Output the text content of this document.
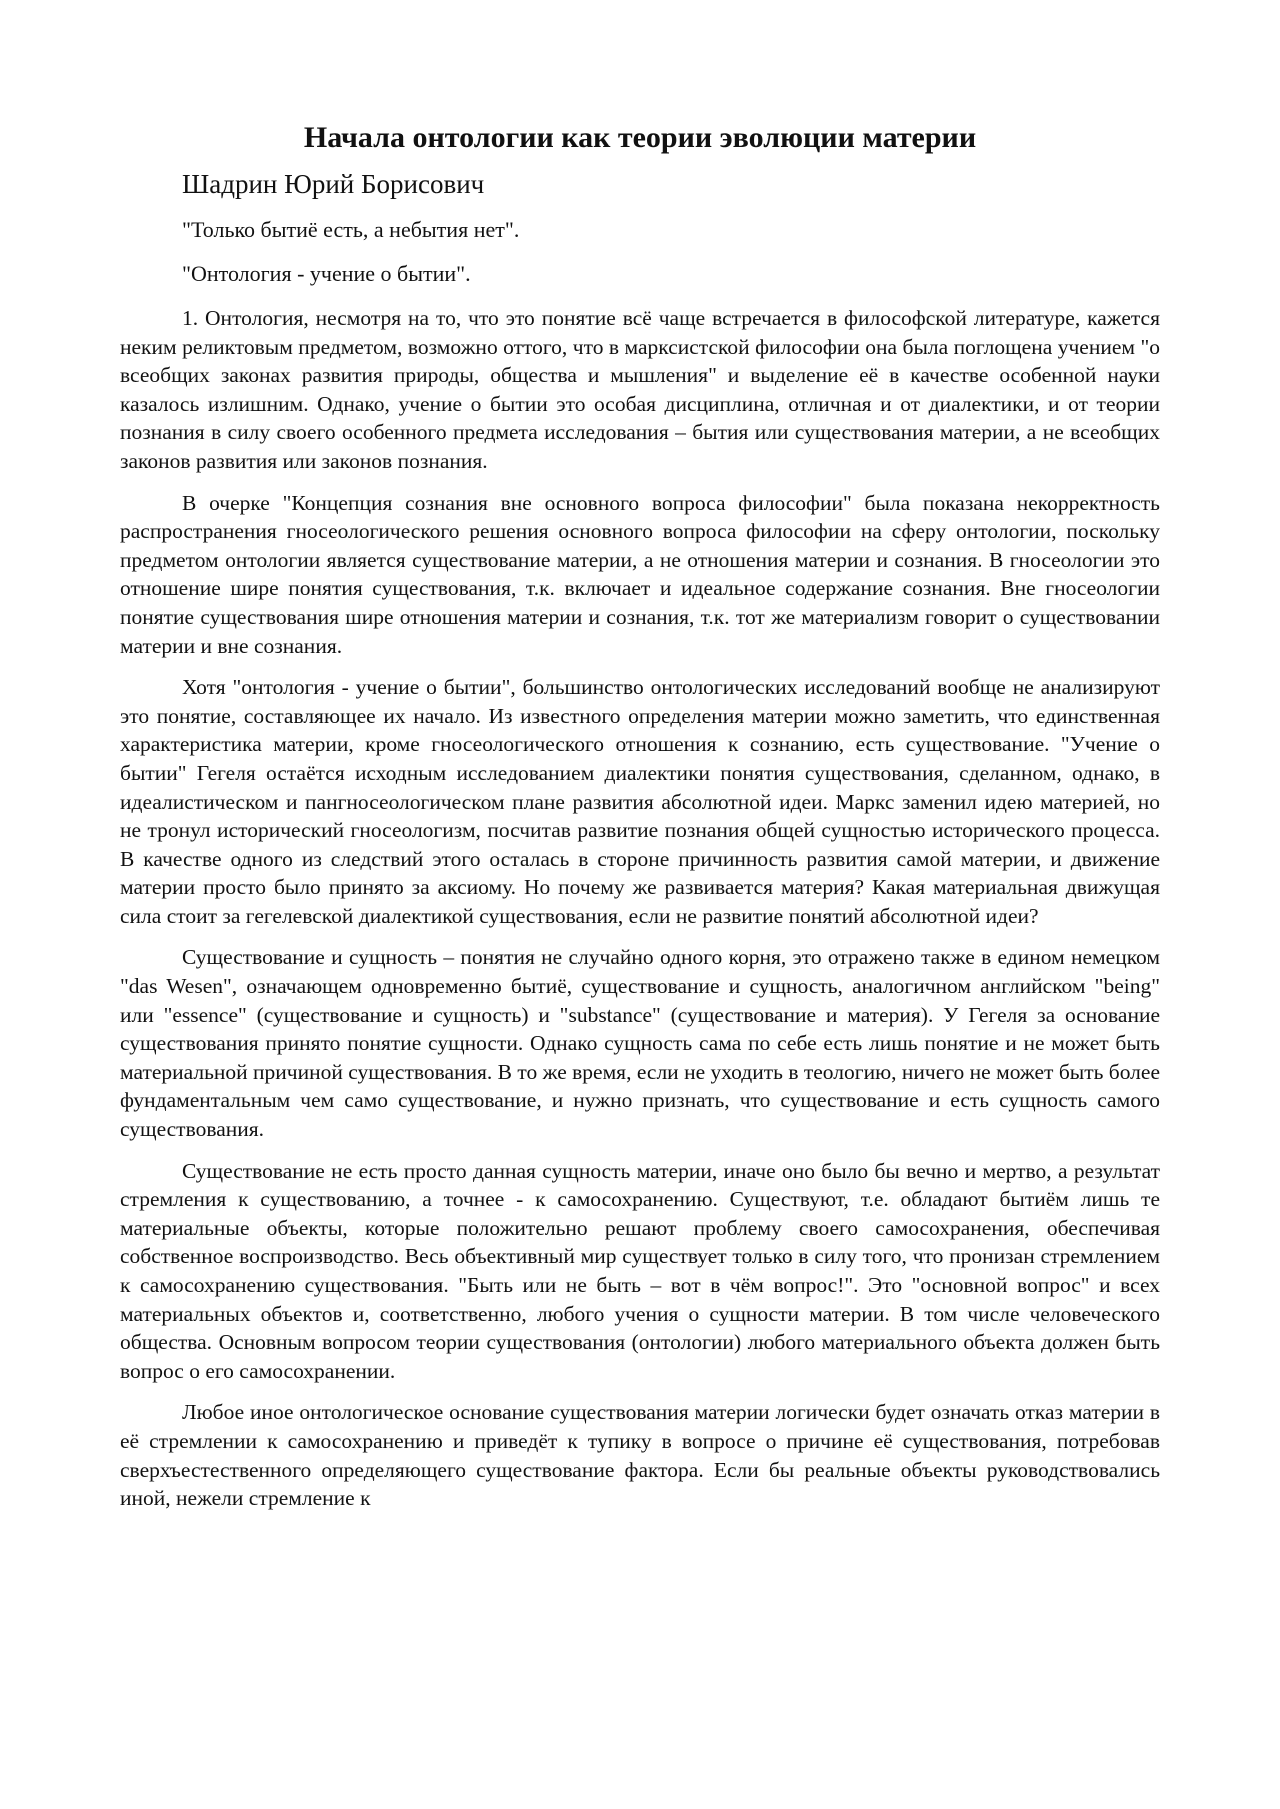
Начала онтологии как теории эволюции материи
Шадрин Юрий Борисович
"Только бытиё есть, а небытия нет".
"Онтология - учение о бытии".

1. Онтология, несмотря на то, что это понятие всё чаще встречается в философской литературе, кажется неким реликтовым предметом, возможно оттого, что в марксистской философии она была поглощена учением "о всеобщих законах развития природы, общества и мышления" и выделение её в качестве особенной науки казалось излишним. Однако, учение о бытии это особая дисциплина, отличная и от диалектики, и от теории познания в силу своего особенного предмета исследования – бытия или существования материи, а не всеобщих законов развития или законов познания.

В очерке "Концепция сознания вне основного вопроса философии" была показана некорректность распространения гносеологического решения основного вопроса философии на сферу онтологии, поскольку предметом онтологии является существование материи, а не отношения материи и сознания. В гносеологии это отношение шире понятия существования, т.к. включает и идеальное содержание сознания. Вне гносеологии понятие существования шире отношения материи и сознания, т.к. тот же материализм говорит о существовании материи и вне сознания.

Хотя "онтология - учение о бытии", большинство онтологических исследований вообще не анализируют это понятие, составляющее их начало. Из известного определения материи можно заметить, что единственная характеристика материи, кроме гносеологического отношения к сознанию, есть существование. "Учение о бытии" Гегеля остаётся исходным исследованием диалектики понятия существования, сделанном, однако, в идеалистическом и пангносеологическом плане развития абсолютной идеи. Маркс заменил идею материей, но не тронул исторический гносеологизм, посчитав развитие познания общей сущностью исторического процесса. В качестве одного из следствий этого осталась в стороне причинность развития самой материи, и движение материи просто было принято за аксиому. Но почему же развивается материя? Какая материальная движущая сила стоит за гегелевской диалектикой существования, если не развитие понятий абсолютной идеи?

Существование и сущность – понятия не случайно одного корня, это отражено также в едином немецком "das Wesen", означающем одновременно бытиё, существование и сущность, аналогичном английском "being" или "essence" (существование и сущность) и "substance" (существование и материя). У Гегеля за основание существования принято понятие сущности. Однако сущность сама по себе есть лишь понятие и не может быть материальной причиной существования. В то же время, если не уходить в теологию, ничего не может быть более фундаментальным чем само существование, и нужно признать, что существование и есть сущность самого существования.

Существование не есть просто данная сущность материи, иначе оно было бы вечно и мертво, а результат стремления к существованию, а точнее - к самосохранению. Существуют, т.е. обладают бытиём лишь те материальные объекты, которые положительно решают проблему своего самосохранения, обеспечивая собственное воспроизводство. Весь объективный мир существует только в силу того, что пронизан стремлением к самосохранению существования. "Быть или не быть – вот в чём вопрос!". Это "основной вопрос" и всех материальных объектов и, соответственно, любого учения о сущности материи. В том числе человеческого общества. Основным вопросом теории существования (онтологии) любого материального объекта должен быть вопрос о его самосохранении.

Любое иное онтологическое основание существования материи логически будет означать отказ материи в её стремлении к самосохранению и приведёт к тупику в вопросе о причине её существования, потребовав сверхъестественного определяющего существование фактора. Если бы реальные объекты руководствовались иной, нежели стремление к
